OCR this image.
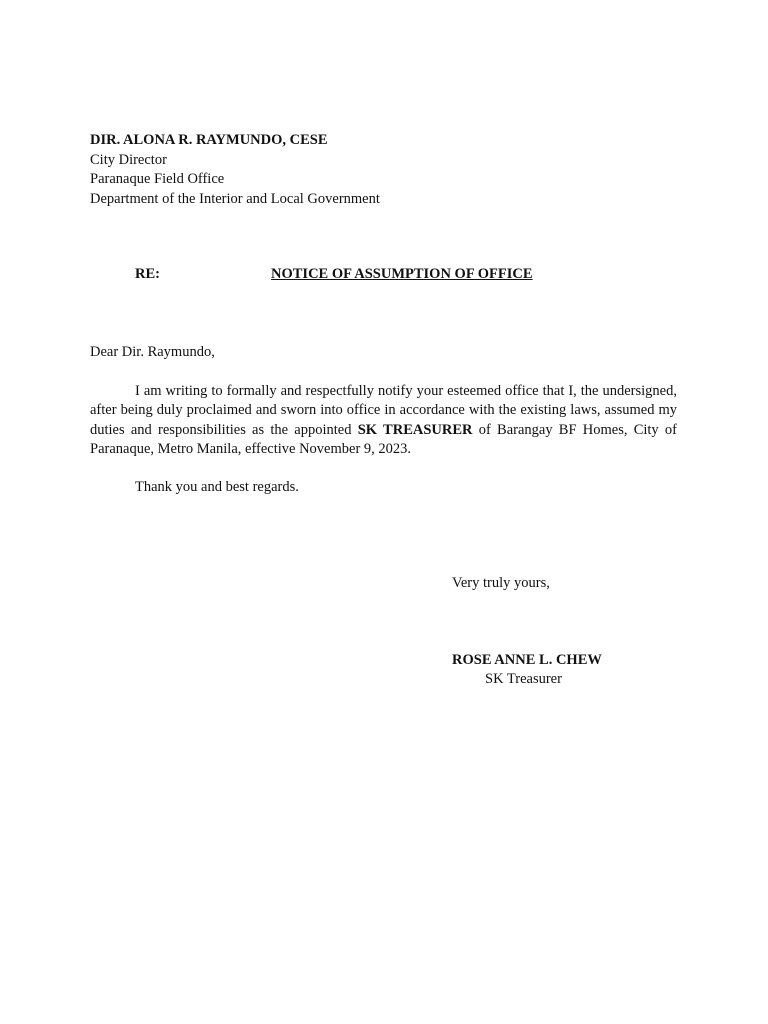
DIR. ALONA R. RAYMUNDO, CESE
City Director
Paranaque Field Office
Department of the Interior and Local Government
RE:	NOTICE OF ASSUMPTION OF OFFICE
Dear Dir. Raymundo,
I am writing to formally and respectfully notify your esteemed office that I, the undersigned, after being duly proclaimed and sworn into office in accordance with the existing laws, assumed my duties and responsibilities as the appointed SK TREASURER of Barangay BF Homes, City of Paranaque, Metro Manila, effective November 9, 2023.
Thank you and best regards.
Very truly yours,
ROSE ANNE L. CHEW
SK Treasurer
